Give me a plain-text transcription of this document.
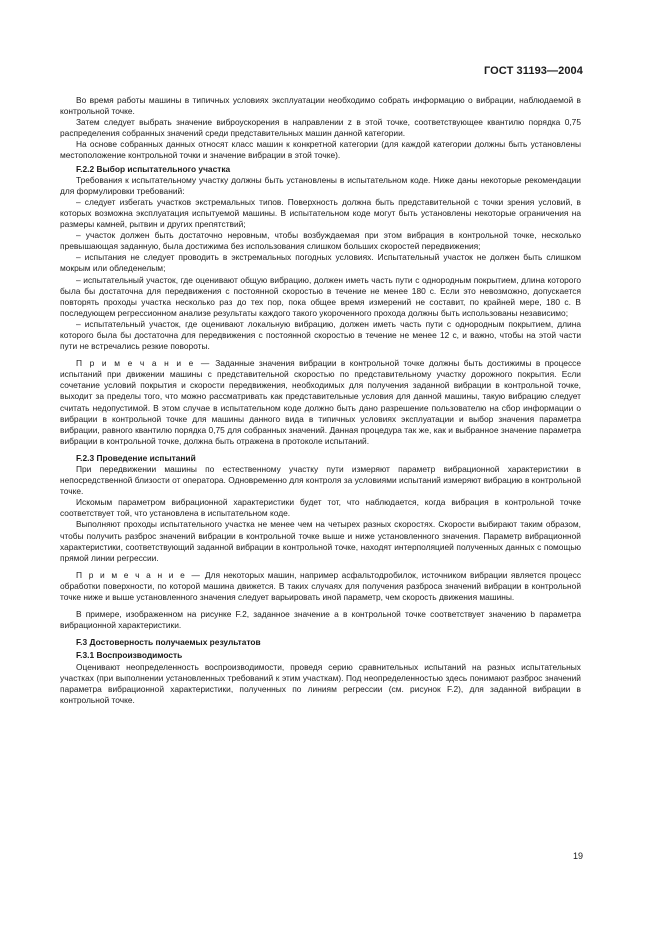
ГОСТ 31193—2004

Во время работы машины в типичных условиях эксплуатации необходимо собрать информацию о вибрации, наблюдаемой в контрольной точке.

Затем следует выбрать значение виброускорения в направлении z в этой точке, соответствующее квантилю порядка 0,75 распределения собранных значений среди представительных машин данной категории.

На основе собранных данных относят класс машин к конкретной категории (для каждой категории должны быть установлены местоположение контрольной точки и значение вибрации в этой точке).

F.2.2 Выбор испытательного участка

Требования к испытательному участку должны быть установлены в испытательном коде. Ниже даны некоторые рекомендации для формулировки требований:

– следует избегать участков экстремальных типов. Поверхность должна быть представительной с точки зрения условий, в которых возможна эксплуатация испытуемой машины. В испытательном коде могут быть установлены некоторые ограничения на размеры камней, рытвин и других препятствий;

– участок должен быть достаточно неровным, чтобы возбуждаемая при этом вибрация в контрольной точке, несколько превышающая заданную, была достижима без использования слишком больших скоростей передвижения;

– испытания не следует проводить в экстремальных погодных условиях. Испытательный участок не должен быть слишком мокрым или обледенелым;

– испытательный участок, где оценивают общую вибрацию, должен иметь часть пути с однородным покрытием, длина которого была бы достаточна для передвижения с постоянной скоростью в течение не менее 180 с. Если это невозможно, допускается повторять проходы участка несколько раз до тех пор, пока общее время измерений не составит, по крайней мере, 180 с. В последующем регрессионном анализе результаты каждого такого укороченного прохода должны быть использованы независимо;

– испытательный участок, где оценивают локальную вибрацию, должен иметь часть пути с однородным покрытием, длина которого была бы достаточна для передвижения с постоянной скоростью в течение не менее 12 с, и важно, чтобы на этой части пути не встречались резкие повороты.

П р и м е ч а н и е — Заданные значения вибрации в контрольной точке должны быть достижимы в процессе испытаний при движении машины с представительной скоростью по представительному участку дорожного покрытия. Если сочетание условий покрытия и скорости передвижения, необходимых для получения заданной вибрации в контрольной точке, выходит за пределы того, что можно рассматривать как представительные условия для данной машины, такую вибрацию следует считать недопустимой. В этом случае в испытательном коде должно быть дано разрешение пользователю на сбор информации о вибрации в контрольной точке для машины данного вида в типичных условиях эксплуатации и выбор значения параметра вибрации, равного квантилю порядка 0,75 для собранных значений. Данная процедура так же, как и выбранное значение параметра вибрации в контрольной точке, должна быть отражена в протоколе испытаний.

F.2.3 Проведение испытаний

При передвижении машины по естественному участку пути измеряют параметр вибрационной характеристики в непосредственной близости от оператора. Одновременно для контроля за условиями испытаний измеряют вибрацию в контрольной точке.

Искомым параметром вибрационной характеристики будет тот, что наблюдается, когда вибрация в контрольной точке соответствует той, что установлена в испытательном коде.

Выполняют проходы испытательного участка не менее чем на четырех разных скоростях. Скорости выбирают таким образом, чтобы получить разброс значений вибрации в контрольной точке выше и ниже установленного значения. Параметр вибрационной характеристики, соответствующий заданной вибрации в контрольной точке, находят интерполяцией полученных данных с помощью прямой линии регрессии.

П р и м е ч а н и е — Для некоторых машин, например асфальтодробилок, источником вибрации является процесс обработки поверхности, по которой машина движется. В таких случаях для получения разброса значений вибрации в контрольной точке ниже и выше установленного значения следует варьировать иной параметр, чем скорость движения машины.

В примере, изображенном на рисунке F.2, заданное значение a в контрольной точке соответствует значению b параметра вибрационной характеристики.

F.3 Достоверность получаемых результатов

F.3.1 Воспроизводимость

Оценивают неопределенность воспроизводимости, проведя серию сравнительных испытаний на разных испытательных участках (при выполнении установленных требований к этим участкам). Под неопределенностью здесь понимают разброс значений параметра вибрационной характеристики, полученных по линиям регрессии (см. рисунок F.2), для заданной вибрации в контрольной точке.

19
